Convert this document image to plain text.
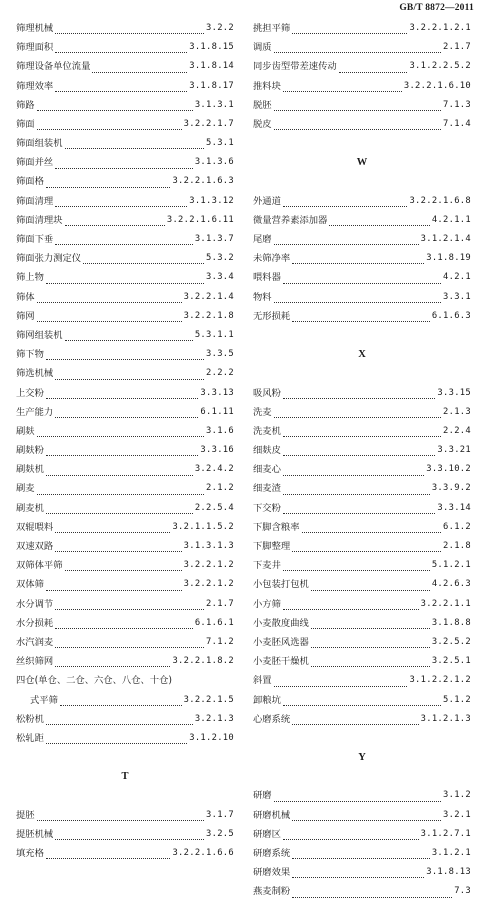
GB/T 8872—2011
筛理机械	3.2.2
筛理面积	3.1.8.15
筛理设备单位流量	3.1.8.14
筛理效率	3.1.8.17
筛路	3.1.3.1
筛面	3.2.2.1.7
筛面组装机	5.3.1
筛面并丝	3.1.3.6
筛面格	3.2.2.1.6.3
筛面清理	3.1.3.12
筛面清理块	3.2.2.1.6.11
筛面下垂	3.1.3.7
筛面张力测定仪	5.3.2
筛上物	3.3.4
筛体	3.2.2.1.4
筛网	3.2.2.1.8
筛网组装机	5.3.1.1
筛下物	3.3.5
筛选机械	2.2.2
上交粉	3.3.13
生产能力	6.1.11
刷麸	3.1.6
刷麸粉	3.3.16
刷麸机	3.2.4.2
刷麦	2.1.2
刷麦机	2.2.5.4
双辊喂料	3.2.1.1.5.2
双速双路	3.1.3.1.3
双筛体平筛	3.2.2.1.2
双体筛	3.2.2.1.2
水分调节	2.1.7
水分损耗	6.1.6.1
水汽润麦	7.1.2
丝织筛网	3.2.2.1.8.2
四仓(单仓、二仓、六仓、八仓、十仓)
式平筛	3.2.2.1.5
松粉机	3.2.1.3
松轧距	3.1.2.10
T
提胚	3.1.7
提胚机械	3.2.5
填充格	3.2.2.1.6.6
挑担平筛	3.2.2.1.2.1
调质	2.1.7
同步齿型带差速传动	3.1.2.2.5.2
推料块	3.2.2.1.6.10
脱胚	7.1.3
脱皮	7.1.4
W
外通道	3.2.2.1.6.8
微量营养素添加器	4.2.1.1
尾磨	3.1.2.1.4
未筛净率	3.1.8.19
喂料器	4.2.1
物料	3.3.1
无形损耗	6.1.6.3
X
吸风粉	3.3.15
洗麦	2.1.3
洗麦机	2.2.4
细麸皮	3.3.21
细麦心	3.3.10.2
细麦渣	3.3.9.2
下交粉	3.3.14
下脚含粮率	6.1.2
下脚整理	2.1.8
下麦井	5.1.2.1
小包装打包机	4.2.6.3
小方筛	3.2.2.1.1
小麦散度曲线	3.1.8.8
小麦胚风选器	3.2.5.2
小麦胚干燥机	3.2.5.1
斜置	3.1.2.2.1.2
卸粮坑	5.1.2
心磨系统	3.1.2.1.3
Y
研磨	3.1.2
研磨机械	3.2.1
研磨区	3.1.2.7.1
研磨系统	3.1.2.1
研磨效果	3.1.8.13
燕麦制粉	7.3
